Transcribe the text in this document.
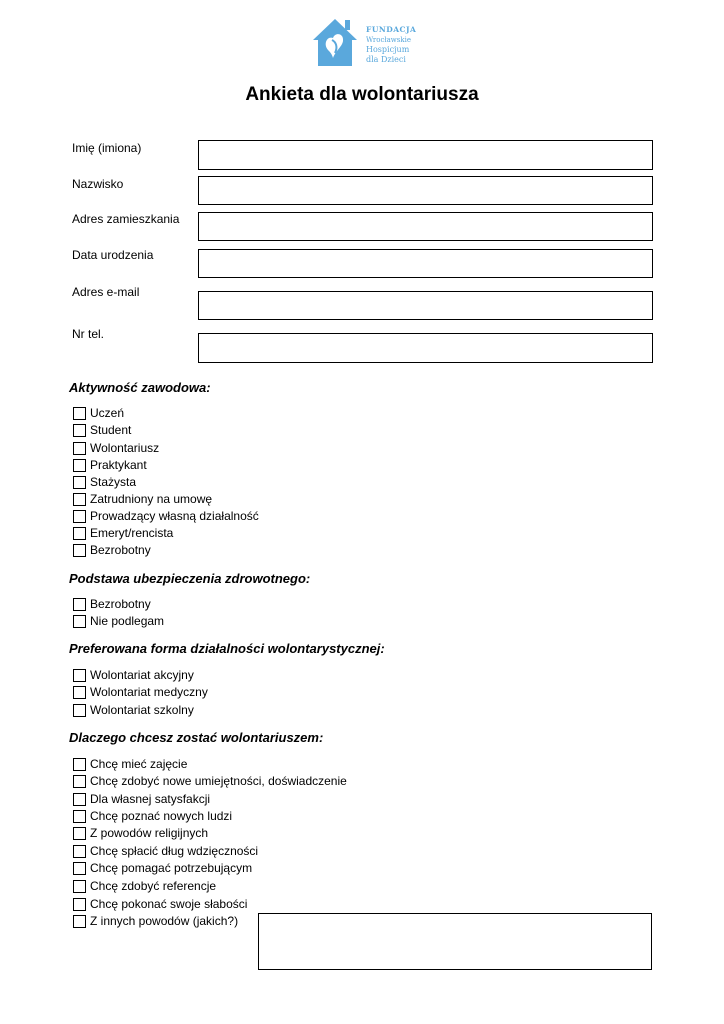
FUNDACJA
Wrocławskie
Hospicjum
dla Dzieci
Ankieta dla wolontariusza
Imię (imiona)
Nazwisko
Adres zamieszkania
Data urodzenia
Adres e-mail
Nr tel.
Aktywność zawodowa:
Uczeń
Student
Wolontariusz
Praktykant
Stażysta
Zatrudniony na umowę
Prowadzący własną działalność
Emeryt/rencista
Bezrobotny
Podstawa ubezpieczenia zdrowotnego:
Bezrobotny
Nie podlegam
Preferowana forma działalności wolontarystycznej:
Wolontariat akcyjny
Wolontariat medyczny
Wolontariat szkolny
Dlaczego chcesz zostać wolontariuszem:
Chcę mieć zajęcie
Chcę zdobyć nowe umiejętności, doświadczenie
Dla własnej satysfakcji
Chcę poznać nowych ludzi
Z powodów religijnych
Chcę spłacić dług wdzięczności
Chcę pomagać potrzebującym
Chcę zdobyć referencje
Chcę pokonać swoje słabości
Z innych powodów (jakich?)
